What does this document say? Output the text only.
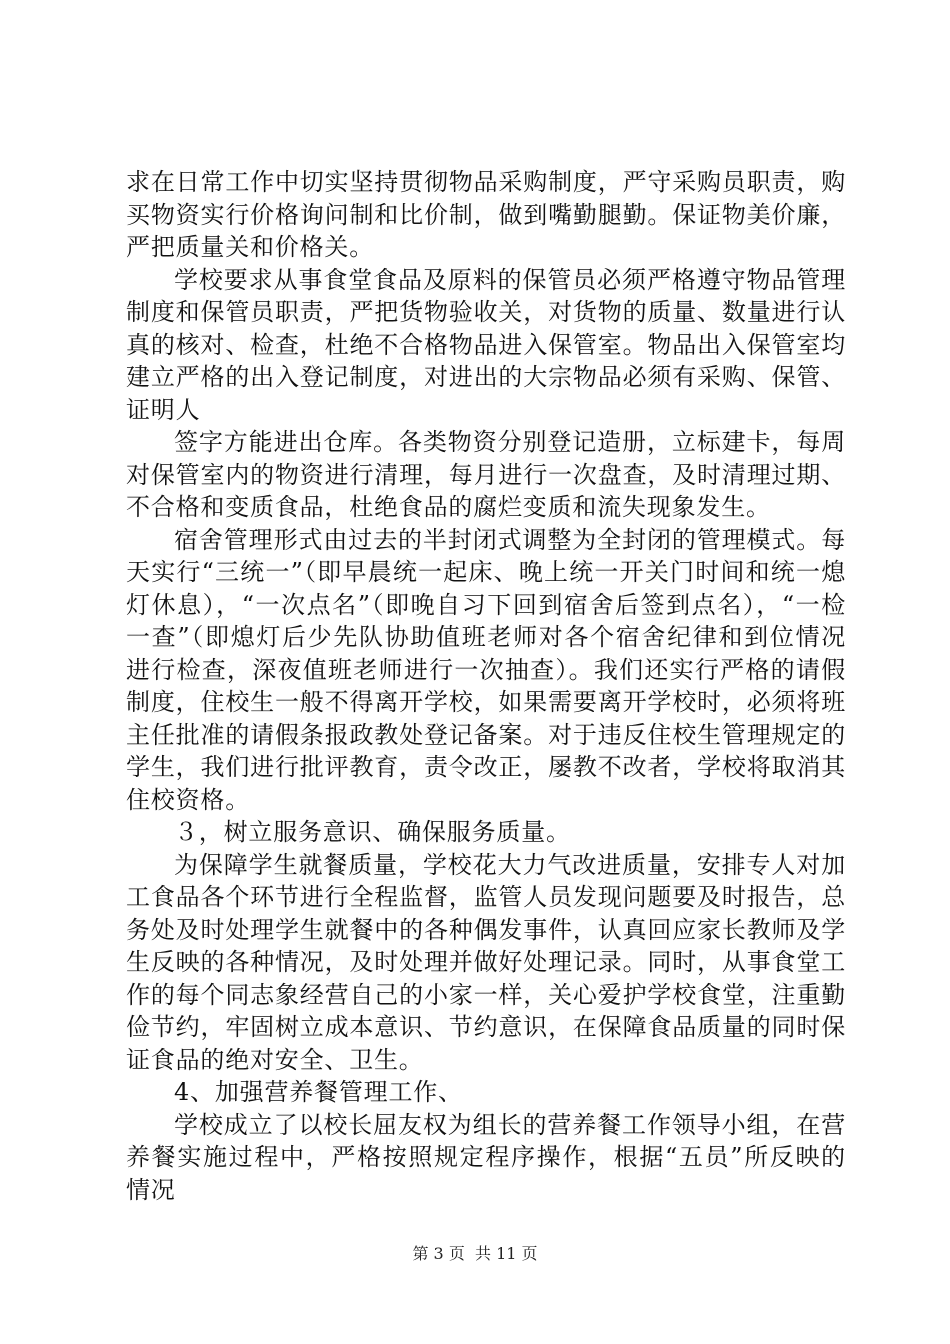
求在日常工作中切实坚持贯彻物品采购制度，严守采购员职责，购买物资实行价格询问制和比价制，做到嘴勤腿勤。保证物美价廉，严把质量关和价格关。

学校要求从事食堂食品及原料的保管员必须严格遵守物品管理制度和保管员职责，严把货物验收关，对货物的质量、数量进行认真的核对、检查，杜绝不合格物品进入保管室。物品出入保管室均建立严格的出入登记制度，对进出的大宗物品必须有采购、保管、证明人

签字方能进出仓库。各类物资分别登记造册，立标建卡，每周对保管室内的物资进行清理，每月进行一次盘查，及时清理过期、不合格和变质食品，杜绝食品的腐烂变质和流失现象发生。

宿舍管理形式由过去的半封闭式调整为全封闭的管理模式。每天实行“三统一”（即早晨统一起床、晚上统一开关门时间和统一熄灯休息），“一次点名”（即晚自习下回到宿舍后签到点名），“一检一查”（即熄灯后少先队协助值班老师对各个宿舍纪律和到位情况进行检查，深夜值班老师进行一次抽查）。我们还实行严格的请假制度，住校生一般不得离开学校，如果需要离开学校时，必须将班主任批准的请假条报政教处登记备案。对于违反住校生管理规定的学生，我们进行批评教育，责令改正，屡教不改者，学校将取消其住校资格。

３，树立服务意识、确保服务质量。

为保障学生就餐质量，学校花大力气改进质量，安排专人对加工食品各个环节进行全程监督，监管人员发现问题要及时报告，总务处及时处理学生就餐中的各种偶发事件，认真回应家长教师及学生反映的各种情况，及时处理并做好处理记录。同时，从事食堂工作的每个同志象经营自己的小家一样，关心爱护学校食堂，注重勤俭节约，牢固树立成本意识、节约意识，在保障食品质量的同时保证食品的绝对安全、卫生。

4、加强营养餐管理工作、

学校成立了以校长屈友权为组长的营养餐工作领导小组，在营养餐实施过程中，严格按照规定程序操作，根据“五员”所反映的情况

第 3 页  共 11 页
